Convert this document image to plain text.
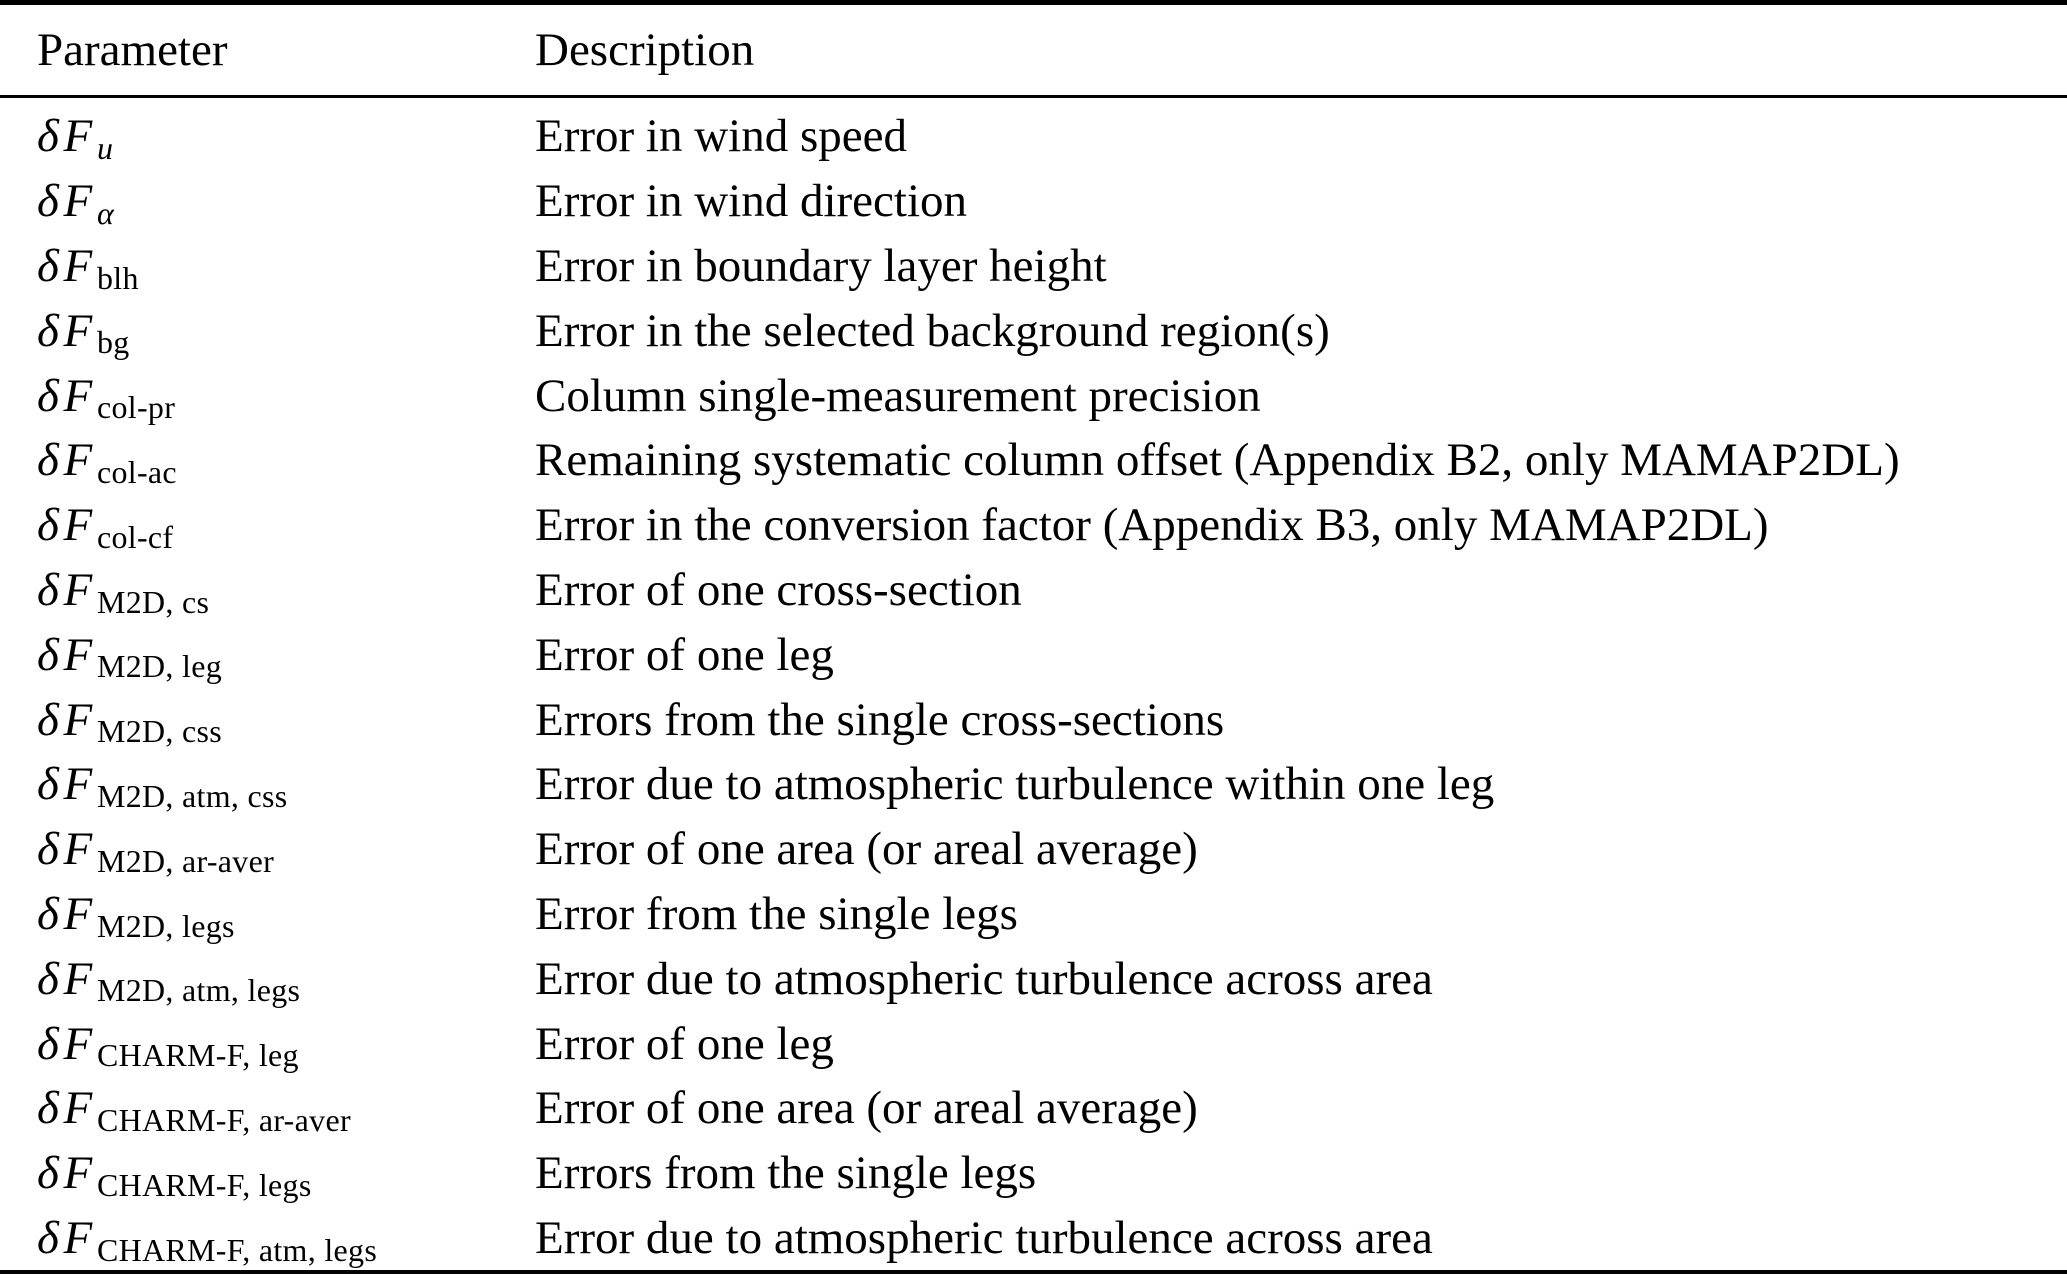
Parameter	Description
δFu	Error in wind speed
δFα	Error in wind direction
δFblh	Error in boundary layer height
δFbg	Error in the selected background region(s)
δFcol-pr	Column single-measurement precision
δFcol-ac	Remaining systematic column offset (Appendix B2, only MAMAP2DL)
δFcol-cf	Error in the conversion factor (Appendix B3, only MAMAP2DL)
δFM2D, cs	Error of one cross-section
δFM2D, leg	Error of one leg
δFM2D, css	Errors from the single cross-sections
δFM2D, atm, css	Error due to atmospheric turbulence within one leg
δFM2D, ar-aver	Error of one area (or areal average)
δFM2D, legs	Error from the single legs
δFM2D, atm, legs	Error due to atmospheric turbulence across area
δFCHARM-F, leg	Error of one leg
δFCHARM-F, ar-aver	Error of one area (or areal average)
δFCHARM-F, legs	Errors from the single legs
δFCHARM-F, atm, legs	Error due to atmospheric turbulence across area
